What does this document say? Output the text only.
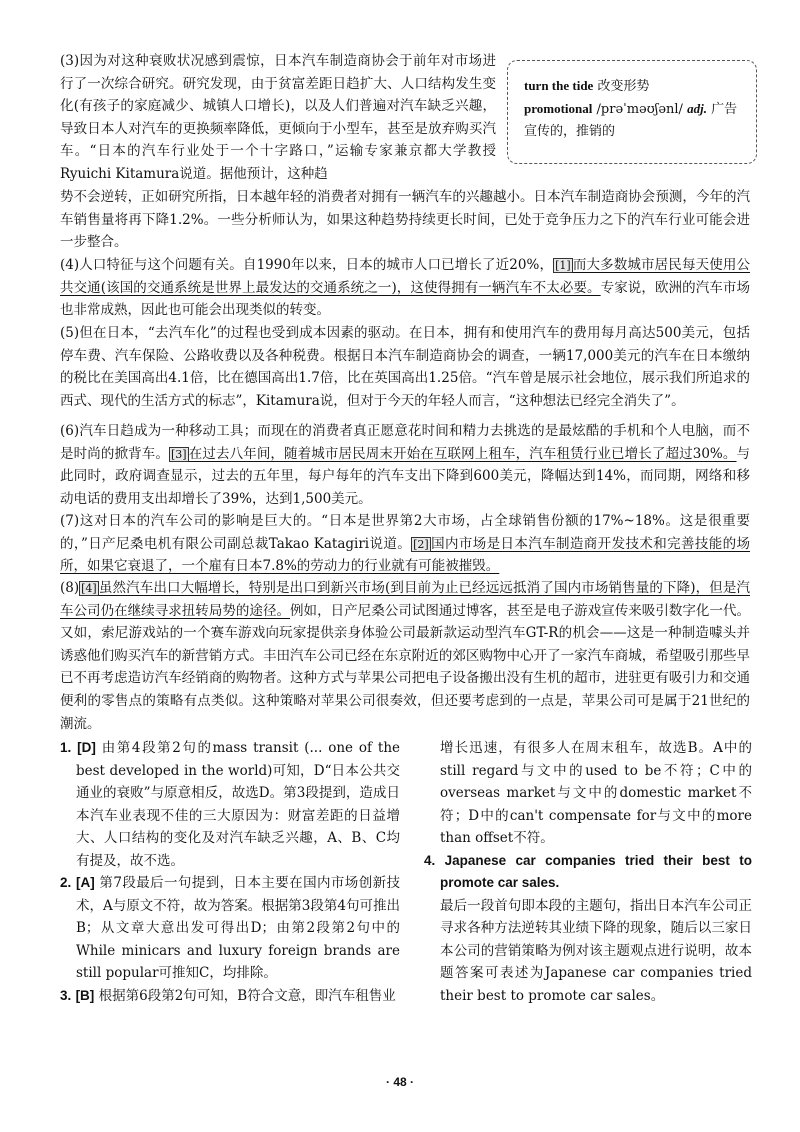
(3)因为对这种衰败状况感到震惊，日本汽车制造商协会于前年对市场进行了一次综合研究。研究发现，由于贫富差距日趋扩大、人口结构发生变化(有孩子的家庭减少、城镇人口增长)，以及人们普遍对汽车缺乏兴趣，导致日本人对汽车的更换频率降低，更倾向于小型车，甚至是放弃购买汽车。“日本的汽车行业处于一个十字路口，”运输专家兼京都大学教授Ryuichi Kitamura说道。据他预计，这种趋
turn the tide 改变形势
promotional /prəˈməʊʃənl/ adj. 广告宣传的，推销的
势不会逆转，正如研究所指，日本越年轻的消费者对拥有一辆汽车的兴趣越小。日本汽车制造商协会预测，今年的汽车销售量将再下降1.2%。一些分析师认为，如果这种趋势持续更长时间，已处于竞争压力之下的汽车行业可能会进一步整合。
(4)人口特征与这个问题有关。自1990年以来，日本的城市人口已增长了近20%， [1] 而大多数城市居民每天使用公共交通(该国的交通系统是世界上最发达的交通系统之一)，这使得拥有一辆汽车不太必要。专家说，欧洲的汽车市场也非常成熟，因此也可能会出现类似的转变。
(5)但在日本，“去汽车化”的过程也受到成本因素的驱动。在日本，拥有和使用汽车的费用每月高达500美元，包括停车费、汽车保险、公路收费以及各种税费。根据日本汽车制造商协会的调查，一辆17,000美元的汽车在日本缴纳的税比在美国高出4.1倍，比在德国高出1.7倍，比在英国高出1.25倍。“汽车曾是展示社会地位，展示我们所追求的西式、现代的生活方式的标志”，Kitamura说，但对于今天的年轻人而言，“这种想法已经完全消失了”。
(6)汽车日趋成为一种移动工具；而现在的消费者真正愿意花时间和精力去挑选的是最炫酷的手机和个人电脑，而不是时尚的掀背车。 [3] 在过去八年间，随着城市居民周末开始在互联网上租车，汽车租赁行业已增长了超过30%。与此同时，政府调查显示，过去的五年里，每户每年的汽车支出下降到600美元，降幅达到14%，而同期，网络和移动电话的费用支出却增长了39%，达到1,500美元。
(7)这对日本的汽车公司的影响是巨大的。“日本是世界第2大市场，占全球销售份额的17%~18%。这是很重要的，”日产尼桑电机有限公司副总裁Takao Katagiri说道。 [2] 国内市场是日本汽车制造商开发技术和完善技能的场所，如果它衰退了，一个雇有日本7.8%的劳动力的行业就有可能被摧毁。
(8) [4] 虽然汽车出口大幅增长，特别是出口到新兴市场(到目前为止已经远远抵消了国内市场销售量的下降)，但是汽车公司仍在继续寻求扭转局势的途径。例如，日产尼桑公司试图通过博客，甚至是电子游戏宣传来吸引数字化一代。又如，索尼游戏站的一个赛车游戏向玩家提供亲身体验公司最新款运动型汽车GT-R的机会——这是一种制造噱头并诱惑他们购买汽车的新营销方式。丰田汽车公司已经在东京附近的郊区购物中心开了一家汽车商城，希望吸引那些早已不再考虑造访汽车经销商的购物者。这种方式与苹果公司把电子设备搬出没有生机的超市，进驻更有吸引力和交通便利的零售点的策略有点类似。这种策略对苹果公司很奏效，但还要考虑到的一点是，苹果公司可是属于21世纪的潮流。

1. [D] 由第4段第2句的mass transit (... one of the best developed in the world)可知，D“日本公共交通业的衰败”与原意相反，故选D。第3段提到，造成日本汽车业表现不佳的三大原因为：财富差距的日益增大、人口结构的变化及对汽车缺乏兴趣，A、B、C均有提及，故不选。

2. [A] 第7段最后一句提到，日本主要在国内市场创新技术，A与原文不符，故为答案。根据第3段第4句可推出B；从文章大意出发可得出D；由第2段第2句中的While minicars and luxury foreign brands are still popular可推知C，均排除。

3. [B] 根据第6段第2句可知，B符合文意，即汽车租售业

增长迅速，有很多人在周末租车，故选B。A中的still regard与文中的used to be不符；C中的overseas market与文中的domestic market不符；D中的can't compensate for与文中的more than offset不符。

4. Japanese car companies tried their best to promote car sales.

最后一段首句即本段的主题句，指出日本汽车公司正寻求各种方法逆转其业绩下降的现象，随后以三家日本公司的营销策略为例对该主题观点进行说明，故本题答案可表述为Japanese car companies tried their best to promote car sales。

· 48 ·
